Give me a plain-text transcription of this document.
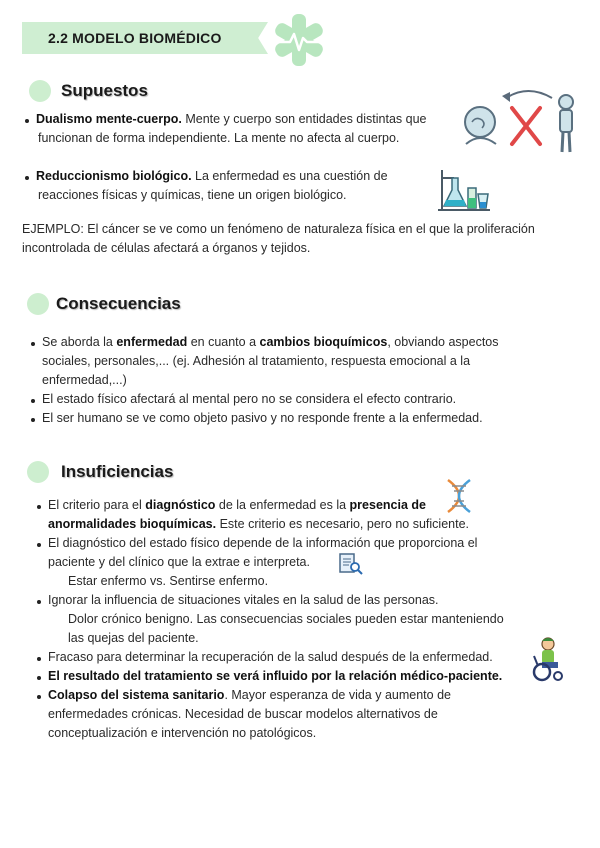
2.2 MODELO BIOMÉDICO
Supuestos
Dualismo mente-cuerpo. Mente y cuerpo son entidades distintas que
funcionan de forma independiente. La mente no afecta al cuerpo.
Reduccionismo biológico. La enfermedad es una cuestión de
reacciones físicas y químicas, tiene un origen biológico.
EJEMPLO: El cáncer se ve como un fenómeno de naturaleza física en el que la proliferación
incontrolada de células afectará a órganos y tejidos.
Consecuencias
Se aborda la enfermedad en cuanto a cambios bioquímicos, obviando aspectos
sociales, personales,... (ej. Adhesión al tratamiento, respuesta emocional a la
enfermedad,...)
El estado físico afectará al mental pero no se considera el efecto contrario.
El ser humano se ve como objeto pasivo y no responde frente a la enfermedad.
Insuficiencias
El criterio para el diagnóstico de la enfermedad es la presencia de
anormalidades bioquímicas. Este criterio es necesario, pero no suficiente.
El diagnóstico del estado físico depende de la información que proporciona el
paciente y del clínico que la extrae e interpreta.
Estar enfermo vs. Sentirse enfermo.
Ignorar la influencia de situaciones vitales en la salud de las personas.
Dolor crónico benigno. Las consecuencias sociales pueden estar manteniendo
las quejas del paciente.
Fracaso para determinar la recuperación de la salud después de la enfermedad.
El resultado del tratamiento se verá influido por la relación médico-paciente.
Colapso del sistema sanitario. Mayor esperanza de vida y aumento de
enfermedades crónicas. Necesidad de buscar modelos alternativos de
conceptualización e intervención no patológicos.
